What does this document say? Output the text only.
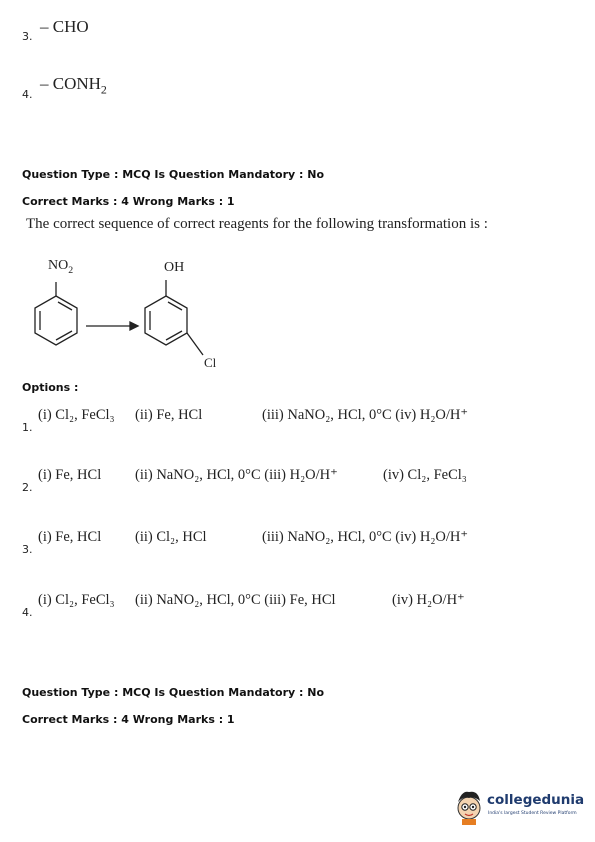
3.
– CHO
4.
– $CONH_2$
Question Type : MCQ Is Question Mandatory : No
Correct Marks : 4 Wrong Marks : 1
The correct sequence of correct reagents for the following transformation is :
$NO_2$	OH
Cl
Options :
1.
(i) Cl₂, FeCl₃ (ii) Fe, HCl	(iii) NaNO₂, HCl, 0°C (iv) H₂O/H⁺
2.
(i) Fe, HCl (ii) NaNO₂, HCl, 0°C (iii) H₂O/H⁺	(iv) Cl₂, FeCl₃
3.
(i) Fe, HCl (ii) Cl₂, HCl	(iii) NaNO₂, HCl, 0°C (iv) H₂O/H⁺
4.
(i) Cl₂, FeCl₃ (ii) NaNO₂, HCl, 0°C (iii) Fe, HCl	(iv) H₂O/H⁺
Question Type : MCQ Is Question Mandatory : No
Correct Marks : 4 Wrong Marks : 1
collegedunia
India's largest Student Review Platform
